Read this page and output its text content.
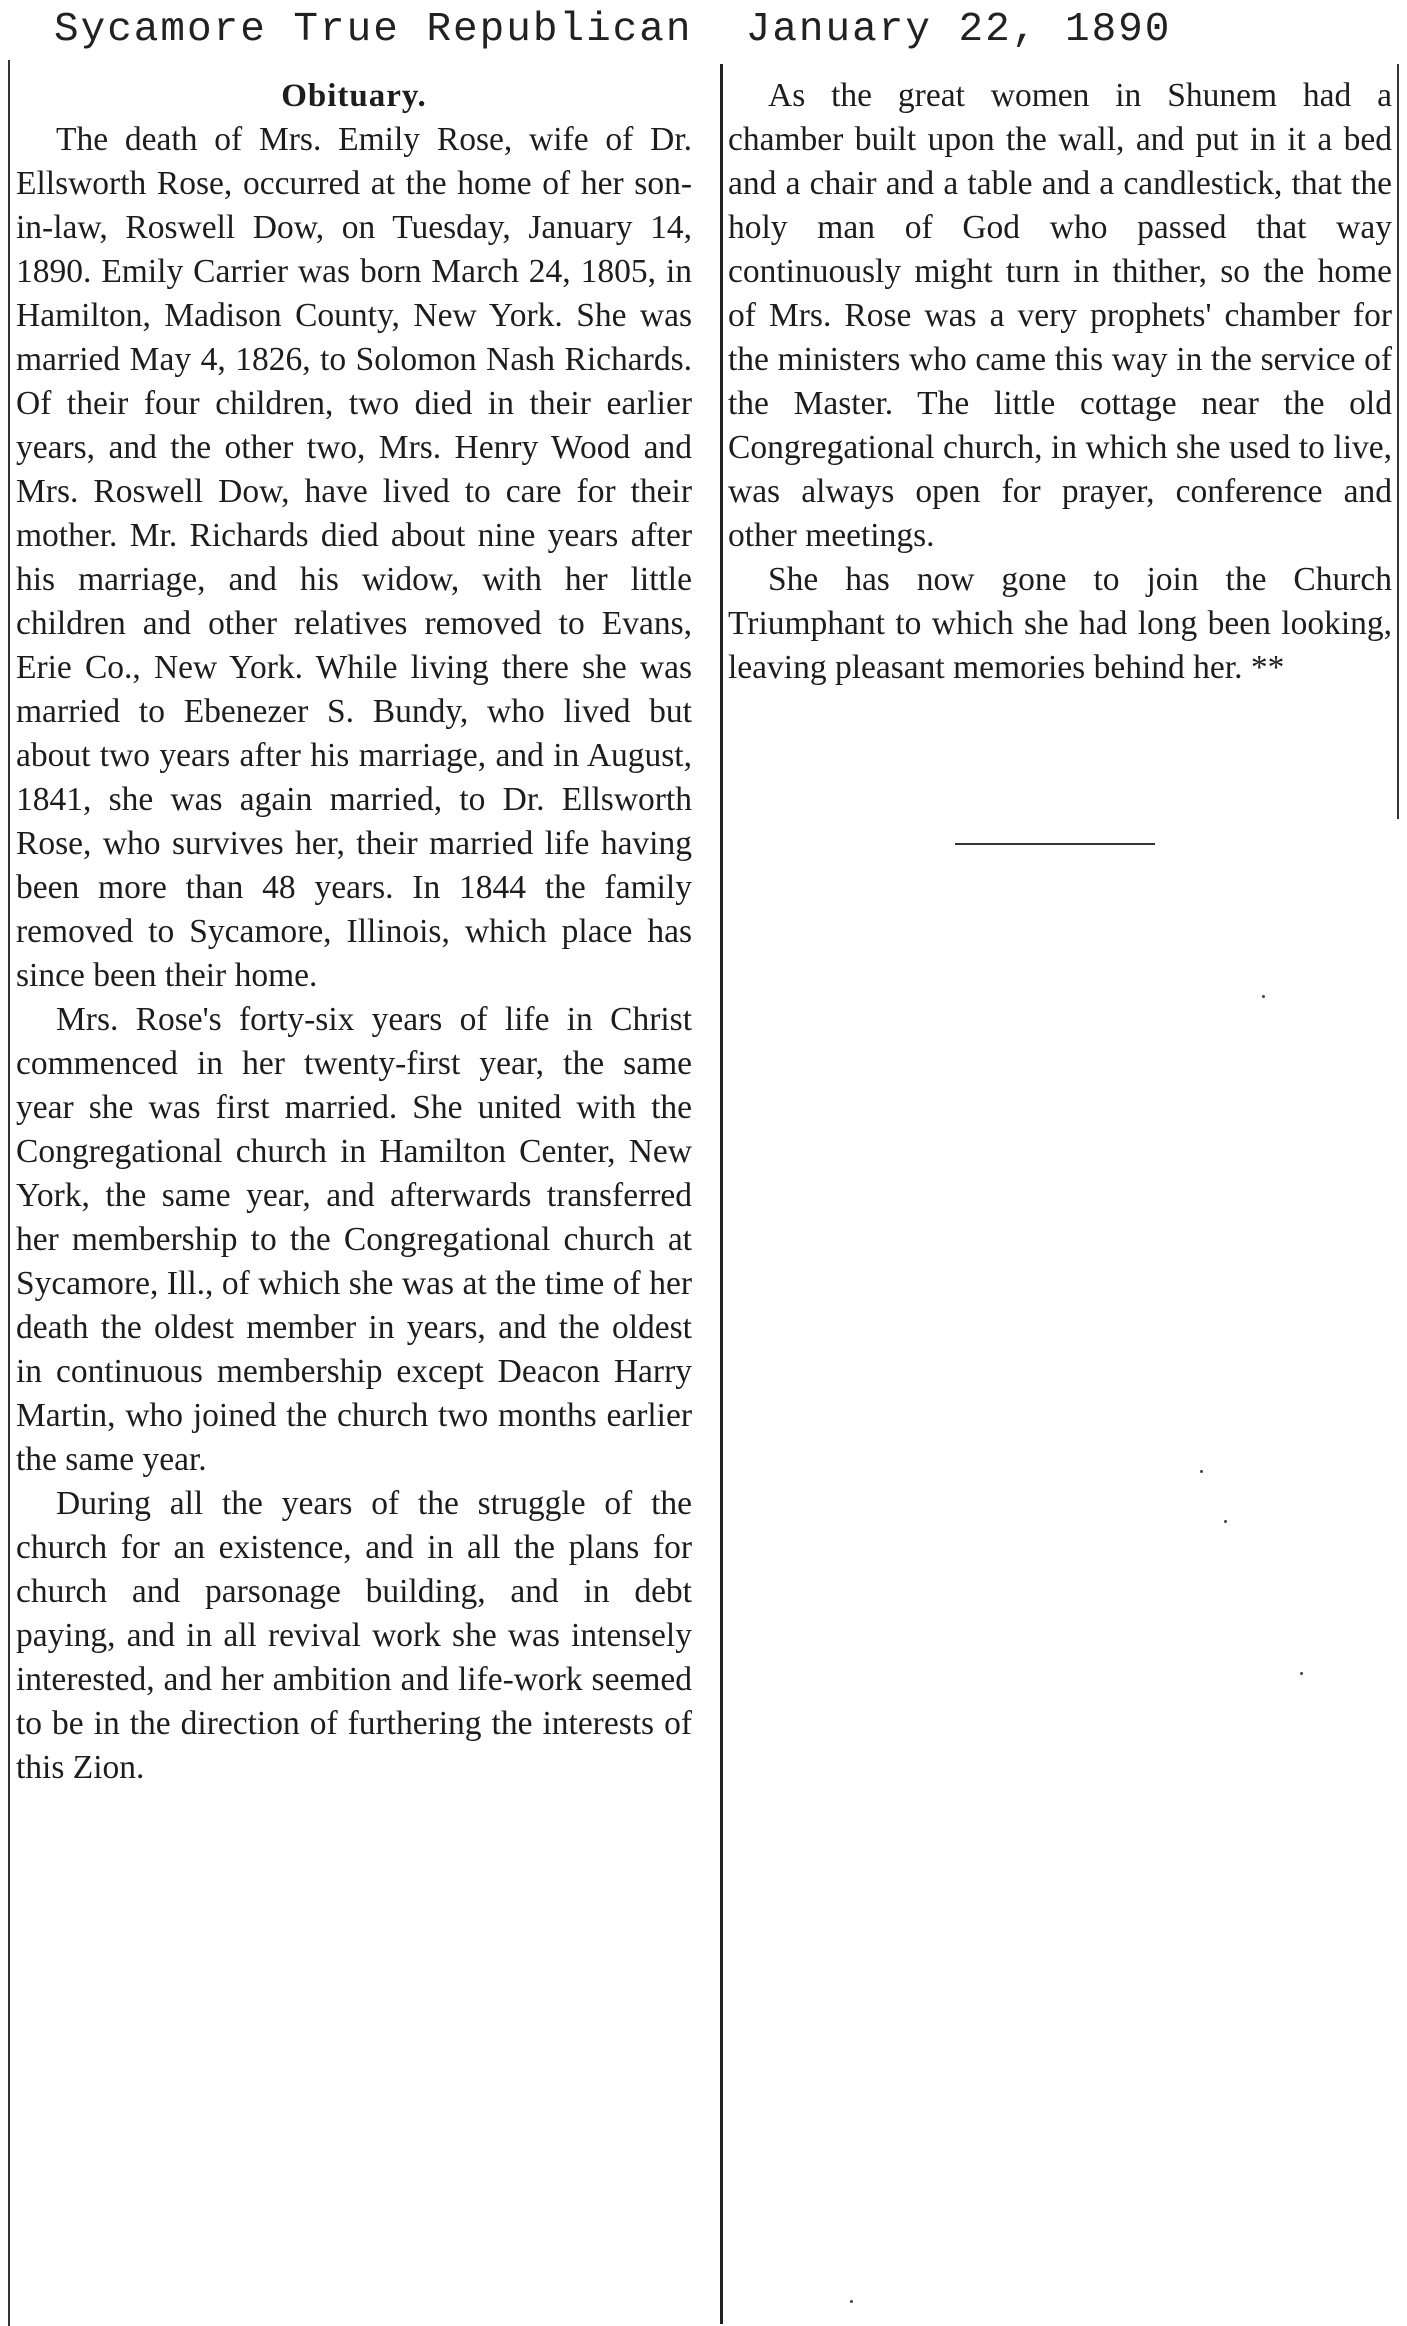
Sycamore True Republican January 22, 1890
Obituary.

The death of Mrs. Emily Rose, wife of Dr. Ellsworth Rose, occurred at the home of her son-in-law, Roswell Dow, on Tuesday, January 14, 1890. Emily Carrier was born March 24, 1805, in Hamilton, Madison County, New York. She was married May 4, 1826, to Solomon Nash Richards. Of their four children, two died in their earlier years, and the other two, Mrs. Henry Wood and Mrs. Roswell Dow, have lived to care for their mother. Mr. Richards died about nine years after his marriage, and his widow, with her little children and other relatives removed to Evans, Erie Co., New York. While living there she was married to Ebenezer S. Bundy, who lived but about two years after his marriage, and in August, 1841, she was again married, to Dr. Ellsworth Rose, who survives her, their married life having been more than 48 years. In 1844 the family removed to Sycamore, Illinois, which place has since been their home.

Mrs. Rose's forty-six years of life in Christ commenced in her twenty-first year, the same year she was first married. She united with the Congregational church in Hamilton Center, New York, the same year, and afterwards transferred her membership to the Congregational church at Sycamore, Ill., of which she was at the time of her death the oldest member in years, and the oldest in continuous membership except Deacon Harry Martin, who joined the church two months earlier the same year.

During all the years of the struggle of the church for an existence, and in all the plans for church and parsonage building, and in debt paying, and in all revival work she was intensely interested, and her ambition and life-work seemed to be in the direction of furthering the interests of this Zion.

As the great women in Shunem had a chamber built upon the wall, and put in it a bed and a chair and a table and a candlestick, that the holy man of God who passed that way continuously might turn in thither, so the home of Mrs. Rose was a very prophets' chamber for the ministers who came this way in the service of the Master. The little cottage near the old Congregational church, in which she used to live, was always open for prayer, conference and other meetings.

She has now gone to join the Church Triumphant to which she had long been looking, leaving pleasant memories behind her. **
